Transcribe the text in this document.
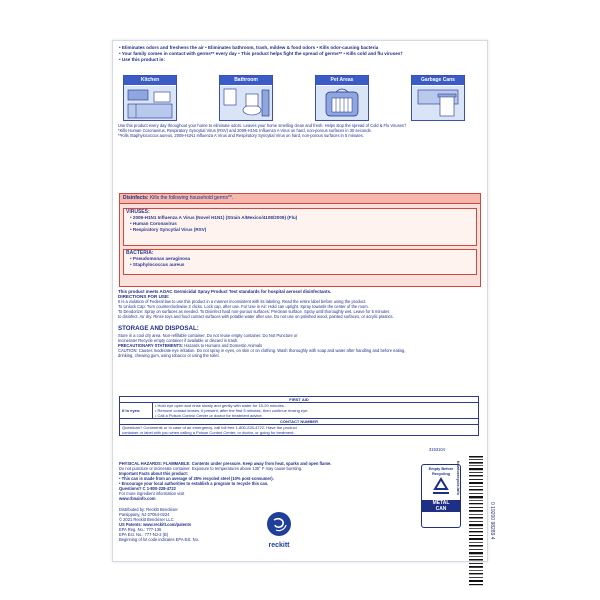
• Eliminates odors and freshens the air • Eliminates bathroom, trash, mildew & food odors • Kills odor-causing bacteria
• Your family comes in contact with germs** every day • This product helps fight the spread of germs** • Kills cold and flu viruses†
• Use this product in:
Kitchen	Bathroom	Pet Areas	Garbage Cans
Use this product every day throughout your home to eliminate odors. Leaves your home smelling clean and fresh. Helps stop the spread of Cold & Flu Viruses†
*Kills Human Coronavirus, Respiratory Syncytial Virus (RSV) and 2009-H1N1 Influenza A Virus on hard, non-porous surfaces in 30 seconds.
**Kills Staphylococcus aureus, 2009-H1N1 Influenza A Virus and Respiratory Syncytial Virus on hard, non-porous surfaces in 5 minutes.
Disinfects: Kills the following household germs**.
VIRUSES:
• 2009-H1N1 Influenza A Virus (Novel H1N1) (Strain A/Mexico/4108/2009) (Flu)
• Human Coronavirus
• Respiratory Syncytial Virus (RSV)
BACTERIA:
• Pseudomonas aeruginosa
• Staphylococcus aureus
This product meets AOAC Germicidal Spray Product Test standards for hospital aerosol disinfectants.
DIRECTIONS FOR USE:
It is a violation of Federal law to use this product in a manner inconsistent with its labeling. Read the entire label before using the product.
To Unlock Cap: Turn counterclockwise 2 clicks. Lock cap, after use. For Use in Air: Hold can upright. Spray towards the center of the room.
To Deodorize: Spray on surfaces as needed. To Disinfect hard non-porous surfaces: Preclean surface. Spray until thoroughly wet. Leave for 5 minutes
to disinfect. Air dry. Rinse toys and food contact surfaces with potable water after use. Do not use on polished wood, painted surfaces, or acrylic plastics.
STORAGE AND DISPOSAL:
Store in a cool dry area. Non-refillable container. Do not reuse empty container. Do Not Puncture or
Incinerate! Recycle empty container if available or discard in trash.
PRECAUTIONARY STATEMENTS: Hazards to Humans and Domestic Animals
CAUTION: Causes moderate eye irritation. Do not spray in eyes, on skin or on clothing. Wash thoroughly with soap and water after handling and before eating,
drinking, chewing gum, using tobacco or using the toilet.
FIRST AID
If in eyes:	
• Hold eye open and rinse slowly and gently with water for 15-20 minutes.
• Remove contact lenses, if present, after the first 5 minutes, then continue rinsing eye.
• Call a Poison Control Center or doctor for treatment advice.

CONTACT NUMBER

Questions? Comments or In case of an emergency, call toll free 1-800-228-4722. Have the product
container or label with you when calling a Poison Control Center, or doctor, or going for treatment.
3193104
PHYSICAL HAZARDS: FLAMMABLE: Contents under pressure. Keep away from heat, sparks and open flame.
Do not puncture or incinerate container. Exposure to temperatures above 130° F may cause bursting.
Important Facts about this product:
• This can is made from an average of 25% recycled steel (10% post-consumer).
• Encourage your local authorities to establish a program to recycle this can.
Questions? C 1-800-228-4722
For more ingredient information visit
www.rbnainfo.com
Distributed by: Reckitt Benckiser
Parsippany, NJ 07054-0224
© 2021 Reckitt Benckiser LLC
US Patents: www.reckitt.com/patents
EPA Reg. No.: 777-136
EPA Est. No.: 777-NJ-2 (B)
Beginning of lot code indicates EPA Est. No.
reckitt
Empty Before Recycling
METAL
CAN
howtorecycle.info
0 19200 98289 4
